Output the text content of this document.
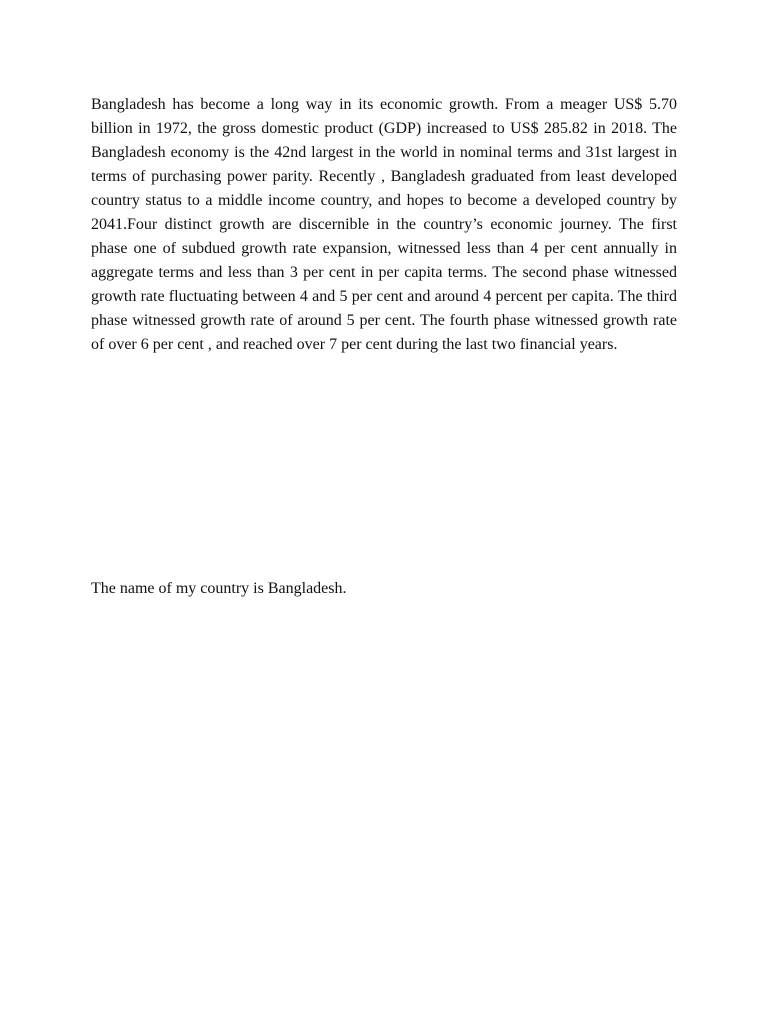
Bangladesh has become a long way in its economic growth. From a meager US$ 5.70 billion in 1972, the gross domestic product (GDP) increased to US$ 285.82 in 2018. The Bangladesh economy is the 42nd largest in the world in nominal terms and 31st largest in terms of purchasing power parity. Recently , Bangladesh graduated from least developed country status to a middle income country, and hopes to become a developed country by 2041.Four distinct growth are discernible in the country’s economic journey. The first phase one of subdued growth rate expansion, witnessed less than 4 per cent annually in aggregate terms and less than 3 per cent in per capita terms. The second phase witnessed growth rate fluctuating between 4 and 5 per cent and around 4 percent per capita. The third phase witnessed growth rate of around 5 per cent. The fourth phase witnessed growth rate of over 6 per cent , and reached over 7 per cent during the last two financial years.

The name of my country is Bangladesh.
